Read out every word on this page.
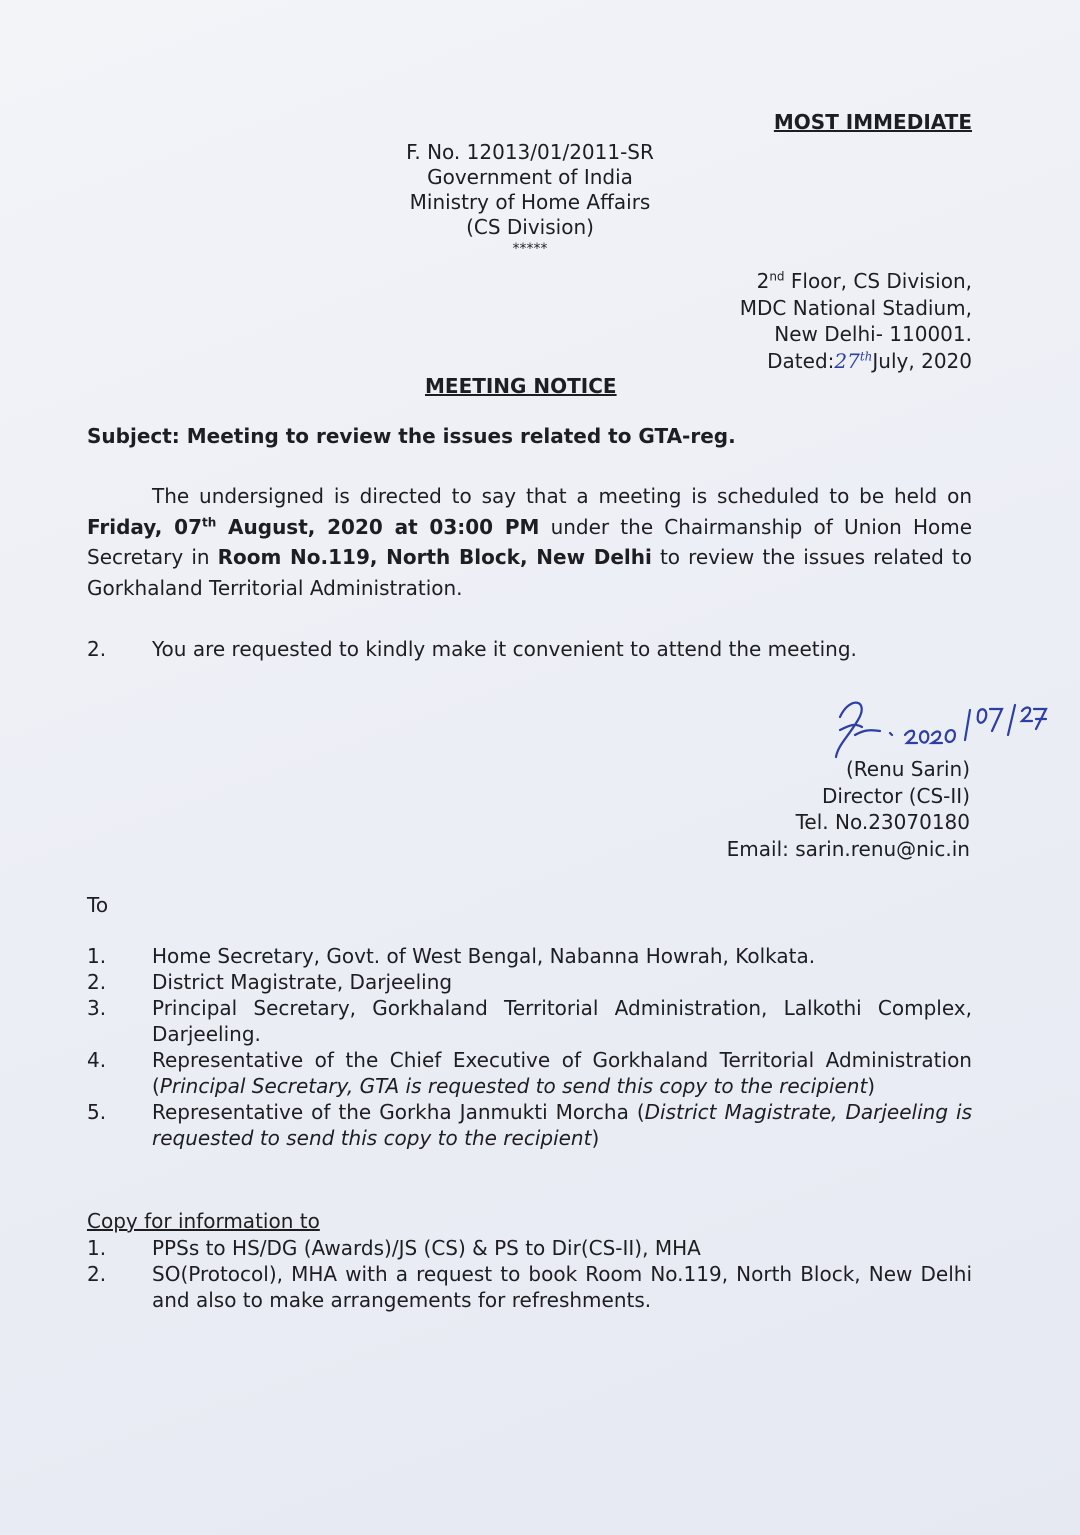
MOST IMMEDIATE
F. No. 12013/01/2011-SR
Government of India
Ministry of Home Affairs
(CS Division)
*****
2nd Floor, CS Division,
MDC National Stadium,
New Delhi- 110001.
Dated:27thJuly, 2020
MEETING NOTICE
Subject: Meeting to review the issues related to GTA-reg.
The undersigned is directed to say that a meeting is scheduled to be held on Friday, 07th August, 2020 at 03:00 PM under the Chairmanship of Union Home Secretary in Room No.119, North Block, New Delhi to review the issues related to Gorkhaland Territorial Administration.
2.	You are requested to kindly make it convenient to attend the meeting.
(Renu Sarin)
Director (CS-II)
Tel. No.23070180
Email: sarin.renu@nic.in
To
1.	Home Secretary, Govt. of West Bengal, Nabanna Howrah, Kolkata.
2.	District Magistrate, Darjeeling
3.	Principal Secretary, Gorkhaland Territorial Administration, Lalkothi Complex, Darjeeling.
4.	Representative of the Chief Executive of Gorkhaland Territorial Administration (Principal Secretary, GTA is requested to send this copy to the recipient)
5.	Representative of the Gorkha Janmukti Morcha (District Magistrate, Darjeeling is requested to send this copy to the recipient)
Copy for information to
1.	PPSs to HS/DG (Awards)/JS (CS) & PS to Dir(CS-II), MHA
2.	SO(Protocol), MHA with a request to book Room No.119, North Block, New Delhi and also to make arrangements for refreshments.
